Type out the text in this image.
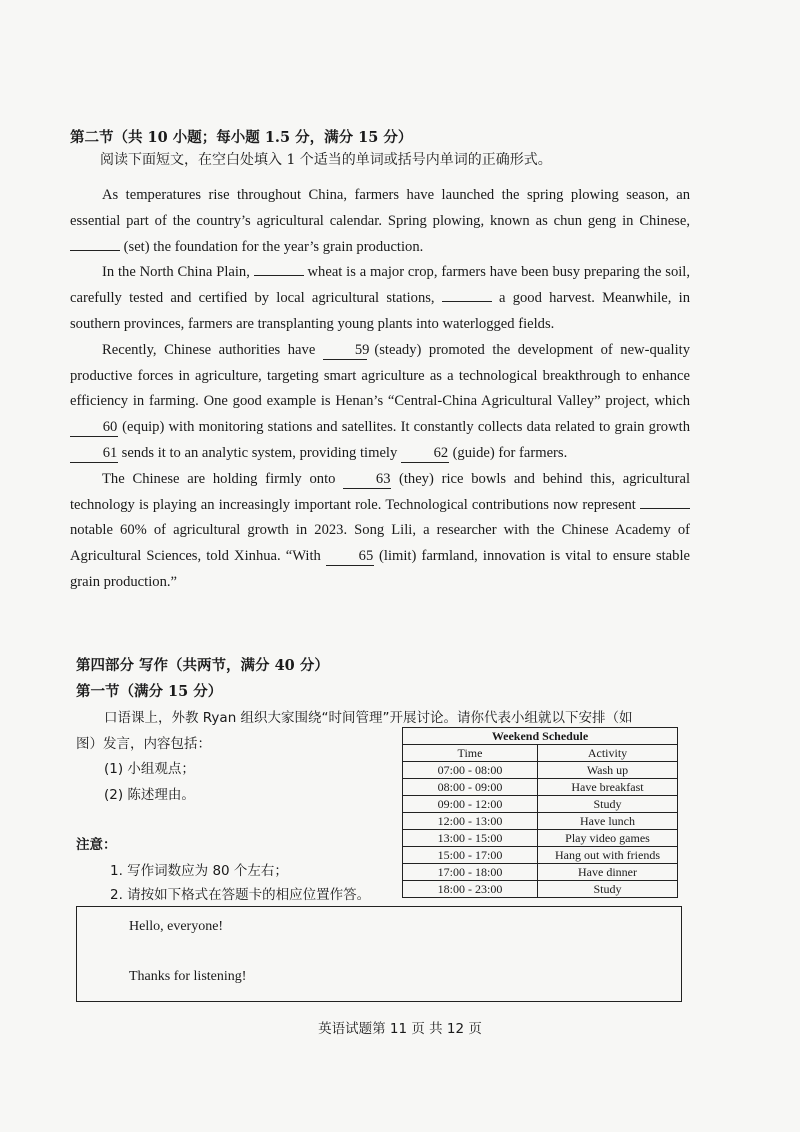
第二节（共 10 小题；每小题 1.5 分，满分 15 分）
阅读下面短文，在空白处填入 1 个适当的单词或括号内单词的正确形式。

As temperatures rise throughout China, farmers have launched the spring plowing season, an essential part of the country’s agricultural calendar. Spring plowing, known as chun geng in Chinese,  (set) the foundation for the year’s grain production.

In the North China Plain,	wheat is a major crop, farmers have been busy preparing the soil, carefully tested and certified by local agricultural stations,	a good harvest. Meanwhile, in southern provinces, farmers are transplanting young plants into waterlogged fields.

Recently, Chinese authorities have 59 (steady) promoted the development of new-quality productive forces in agriculture, targeting smart agriculture as a technological breakthrough to enhance efficiency in farming. One good example is Henan’s “Central-China Agricultural Valley” project, which 60 (equip) with monitoring stations and satellites. It constantly collects data related to grain growth 61 sends it to an analytic system, providing timely 62 (guide) for farmers.

The Chinese are holding firmly onto 63 (they) rice bowls and behind this, agricultural technology is playing an increasingly important role. Technological contributions now represent  notable 60% of agricultural growth in 2023. Song Lili, a researcher with the Chinese Academy of Agricultural Sciences, told Xinhua. “With 65 (limit) farmland, innovation is vital to ensure stable grain production.”

第四部分 写作（共两节，满分 40 分）
第一节（满分 15 分）
口语课上，外教 Ryan 组织大家围绕“时间管理”开展讨论。请你代表小组就以下安排（如
图）发言，内容包括：
(1) 小组观点；
(2) 陈述理由。
注意：
1. 写作词数应为 80 个左右；
2. 请按如下格式在答题卡的相应位置作答。
Weekend Schedule	
Time	Activity
07:00 - 08:00	Wash up
08:00 - 09:00	Have breakfast
09:00 - 12:00	Study
12:00 - 13:00	Have lunch
13:00 - 15:00	Play video games
15:00 - 17:00	Hang out with friends
17:00 - 18:00	Have dinner
18:00 - 23:00	Study
Hello, everyone!
Thanks for listening!
英语试题第 11 页 共 12 页
